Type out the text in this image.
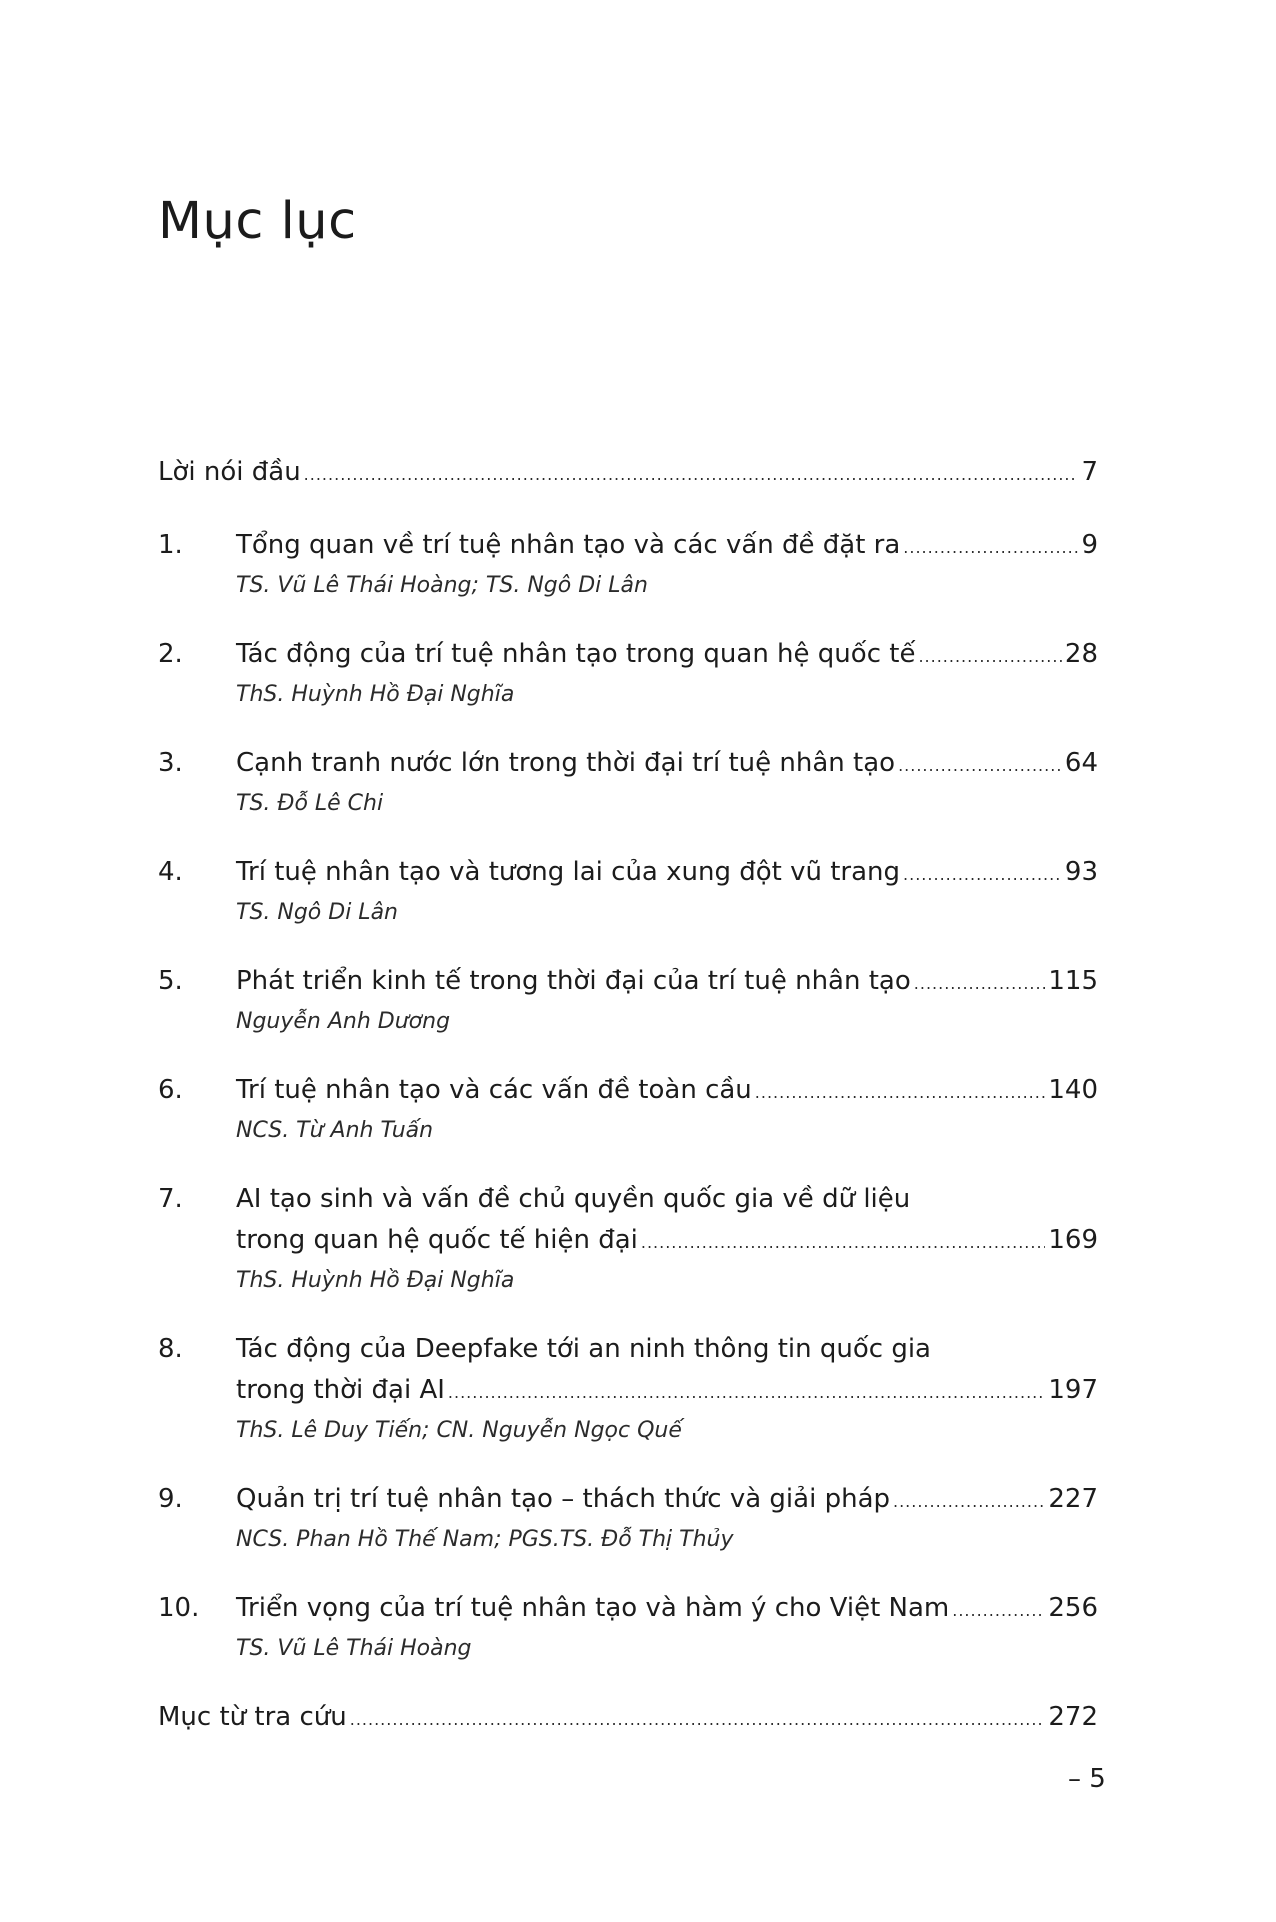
Mục lục
Lời nói đầu .....	7
1.	Tổng quan về trí tuệ nhân tạo và các vấn đề đặt ra .....	9
TS. Vũ Lê Thái Hoàng; TS. Ngô Di Lân
2.	Tác động của trí tuệ nhân tạo trong quan hệ quốc tế .....	28
ThS. Huỳnh Hồ Đại Nghĩa
3.	Cạnh tranh nước lớn trong thời đại trí tuệ nhân tạo .....	64
TS. Đỗ Lê Chi
4.	Trí tuệ nhân tạo và tương lai của xung đột vũ trang .....	93
TS. Ngô Di Lân
5.	Phát triển kinh tế trong thời đại của trí tuệ nhân tạo .....	115
Nguyễn Anh Dương
6.	Trí tuệ nhân tạo và các vấn đề toàn cầu .....	140
NCS. Từ Anh Tuấn
7.	AI tạo sinh và vấn đề chủ quyền quốc gia về dữ liệu
trong quan hệ quốc tế hiện đại .....	169
ThS. Huỳnh Hồ Đại Nghĩa
8.	Tác động của Deepfake tới an ninh thông tin quốc gia
trong thời đại AI .....	197
ThS. Lê Duy Tiến; CN. Nguyễn Ngọc Quế
9.	Quản trị trí tuệ nhân tạo – thách thức và giải pháp .....	227
NCS. Phan Hồ Thế Nam; PGS.TS. Đỗ Thị Thủy
10.	Triển vọng của trí tuệ nhân tạo và hàm ý cho Việt Nam .....	256
TS. Vũ Lê Thái Hoàng
Mục từ tra cứu .....	272
– 5
